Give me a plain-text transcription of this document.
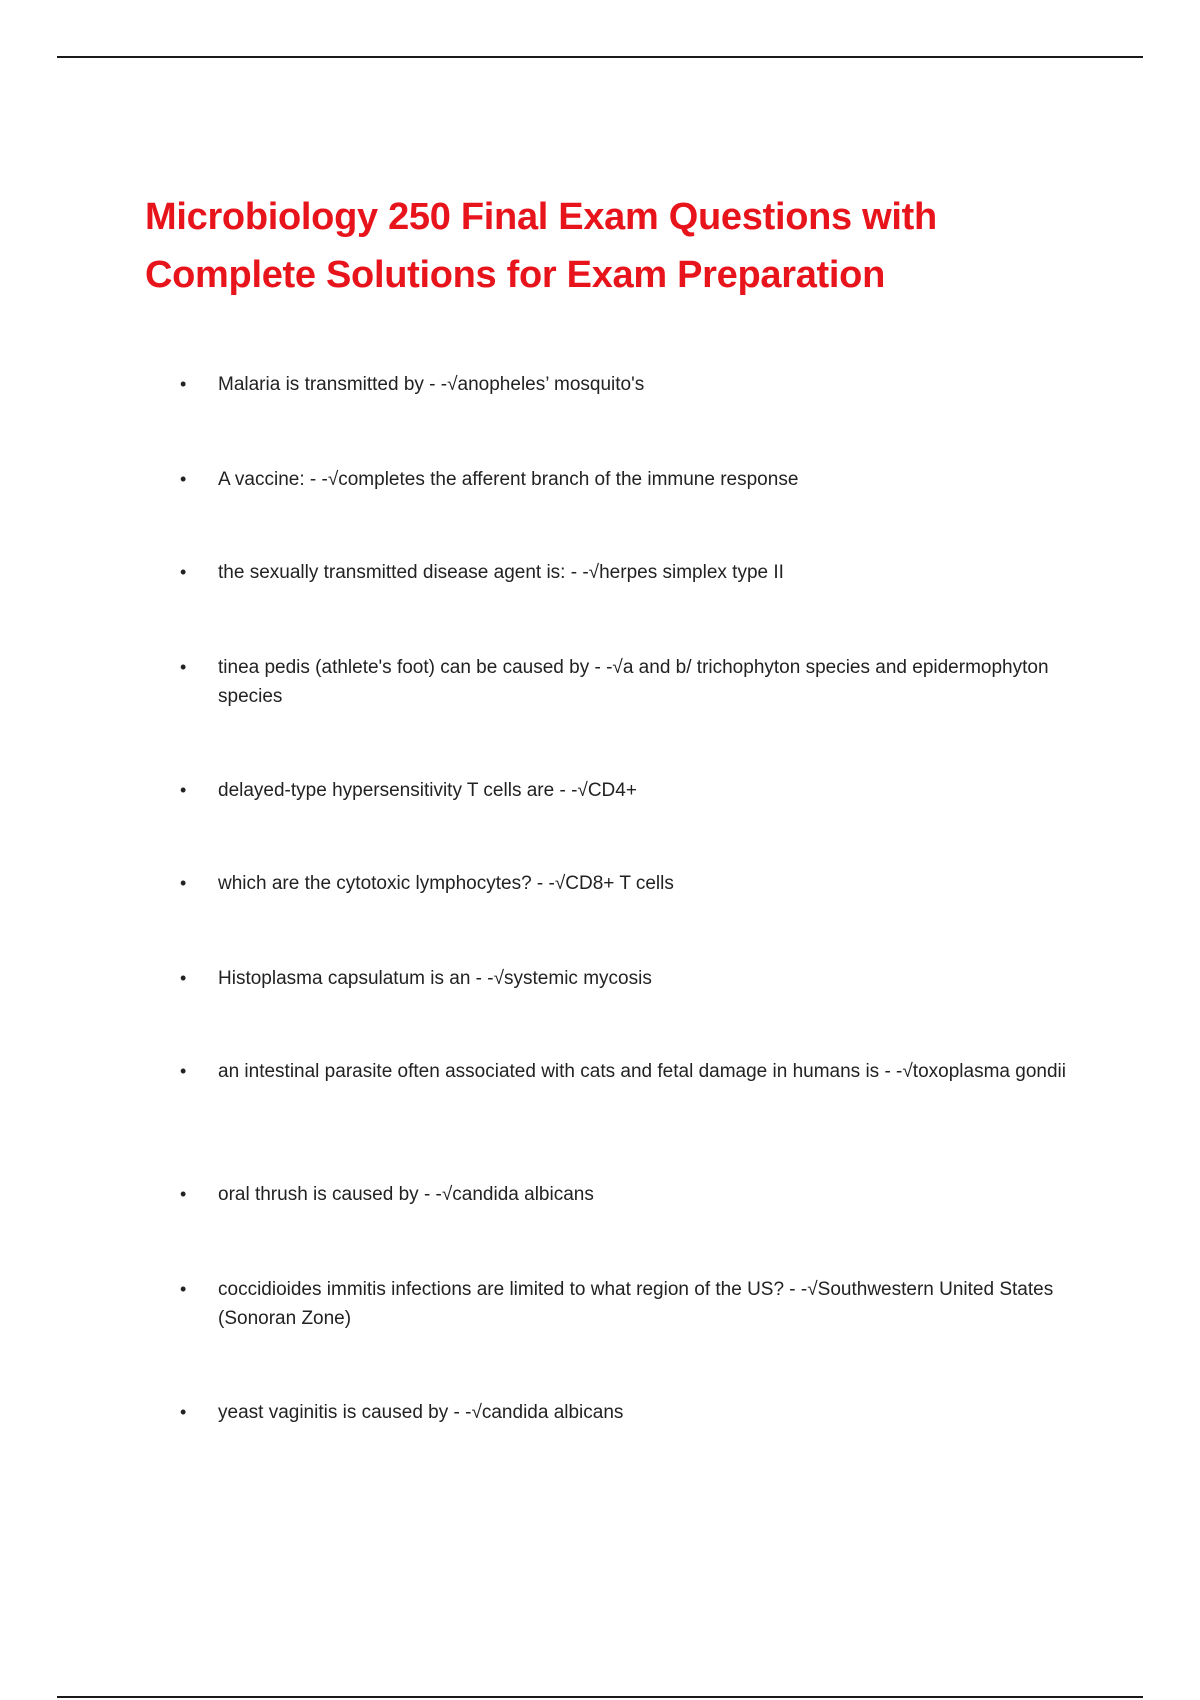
Microbiology 250 Final Exam Questions with
Complete Solutions for Exam Preparation
• Malaria is transmitted by - -√anopheles’ mosquito's
• A vaccine: - -√completes the afferent branch of the immune response
• the sexually transmitted disease agent is: - -√herpes simplex type II
• tinea pedis (athlete's foot) can be caused by - -√a and b/ trichophyton species and epidermophyton species
• delayed-type hypersensitivity T cells are - -√CD4+
• which are the cytotoxic lymphocytes? - -√CD8+ T cells
• Histoplasma capsulatum is an - -√systemic mycosis
• an intestinal parasite often associated with cats and fetal damage in humans is - -√toxoplasma gondii
• oral thrush is caused by - -√candida albicans
• coccidioides immitis infections are limited to what region of the US? - -√Southwestern United States (Sonoran Zone)
• yeast vaginitis is caused by - -√candida albicans
